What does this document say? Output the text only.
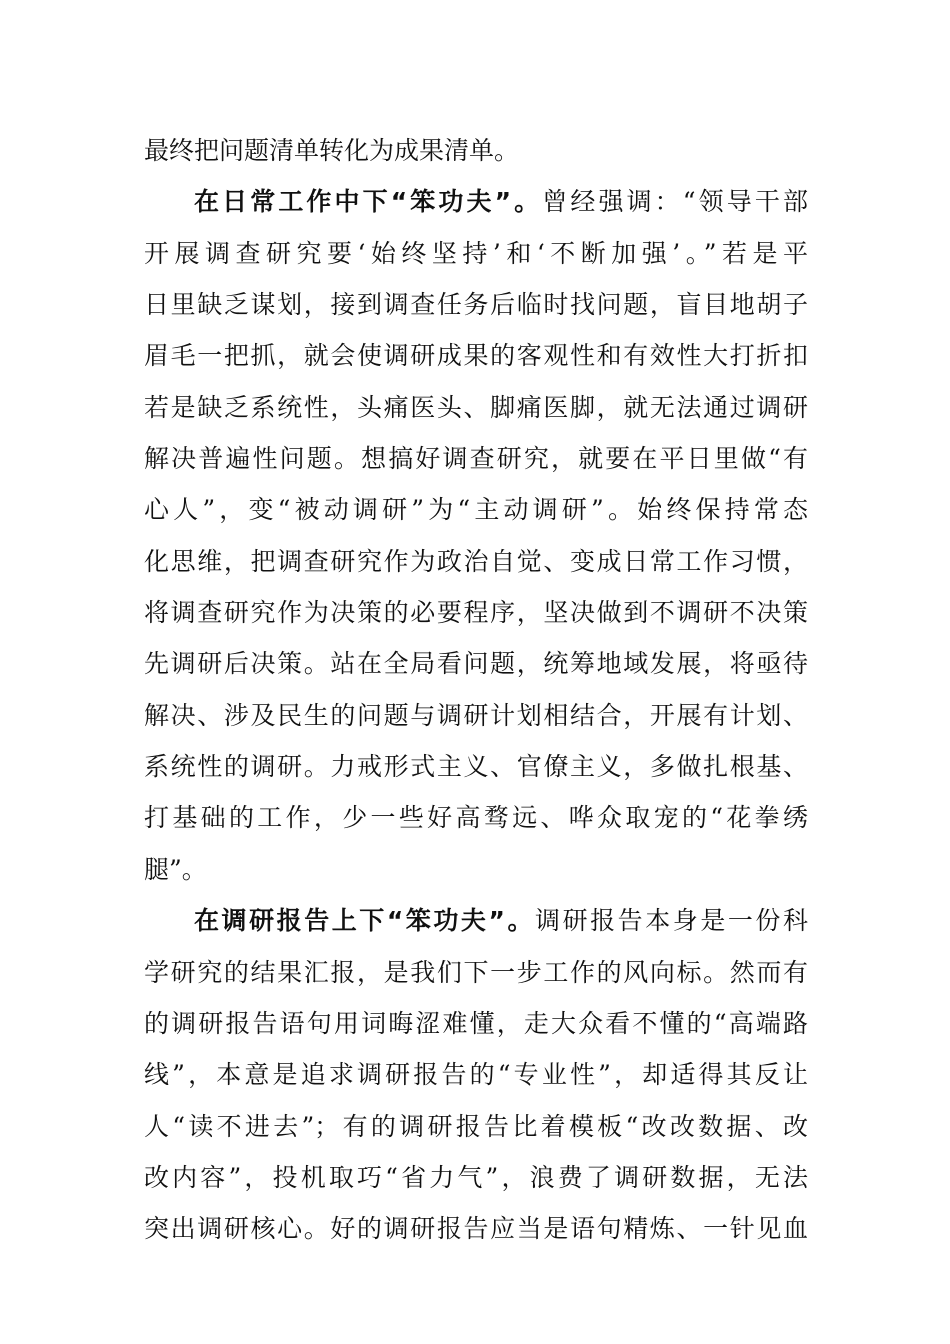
最终把问题清单转化为成果清单。
在日常工作中下“笨功夫”。曾经强调：“领导干部
开展调查研究要‘始终坚持’和‘不断加强’。”若是平
日里缺乏谋划，接到调查任务后临时找问题，盲目地胡子
眉毛一把抓，就会使调研成果的客观性和有效性大打折扣
若是缺乏系统性，头痛医头、脚痛医脚，就无法通过调研
解决普遍性问题。想搞好调查研究，就要在平日里做“有
心人”，变“被动调研”为“主动调研”。始终保持常态
化思维，把调查研究作为政治自觉、变成日常工作习惯，
将调查研究作为决策的必要程序，坚决做到不调研不决策
先调研后决策。站在全局看问题，统筹地域发展，将亟待
解决、涉及民生的问题与调研计划相结合，开展有计划、
系统性的调研。力戒形式主义、官僚主义，多做扎根基、
打基础的工作，少一些好高骛远、哗众取宠的“花拳绣
腿”。
在调研报告上下“笨功夫”。调研报告本身是一份科
学研究的结果汇报，是我们下一步工作的风向标。然而有
的调研报告语句用词晦涩难懂，走大众看不懂的“高端路
线”，本意是追求调研报告的“专业性”，却适得其反让
人“读不进去”；有的调研报告比着模板“改改数据、改
改内容”，投机取巧“省力气”，浪费了调研数据，无法
突出调研核心。好的调研报告应当是语句精炼、一针见血
